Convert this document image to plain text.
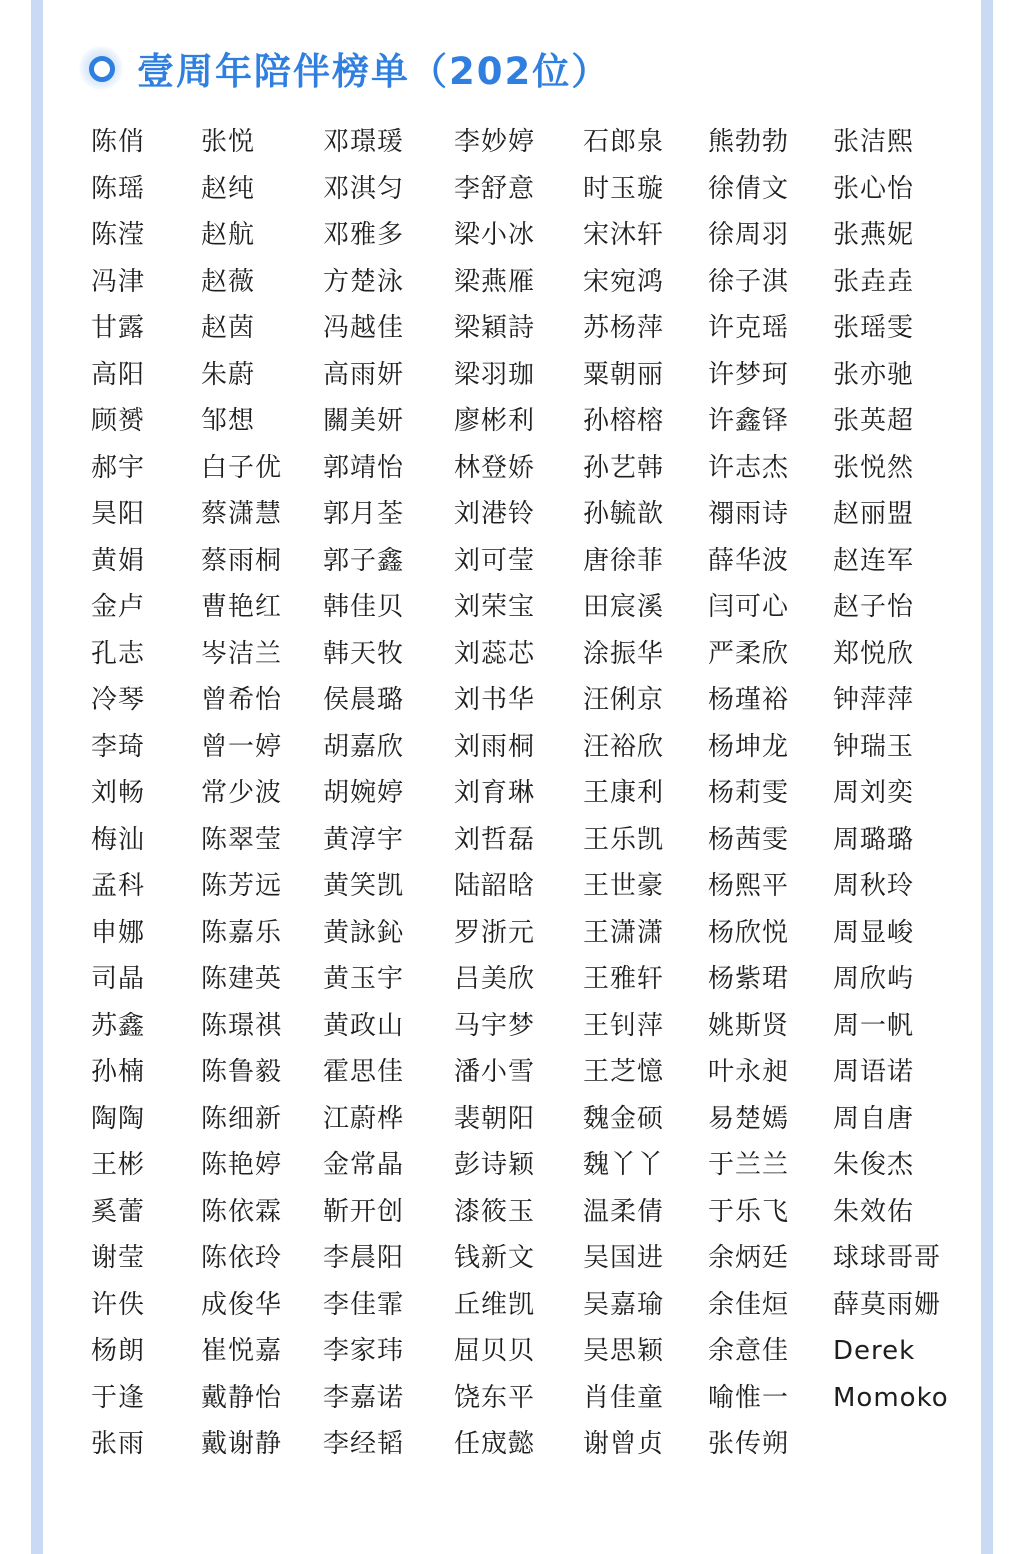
壹周年陪伴榜单（202位）
陈俏 张悦	邓璟瑗 李妙婷 石郎泉 熊勃勃 张洁熙
陈瑶 赵纯	邓淇匀 李舒意 时玉璇 徐倩文 张心怡
陈滢 赵航	邓雅多 梁小冰 宋沐轩 徐周羽 张燕妮
冯津 赵薇	方楚泳 梁燕雁 宋宛鸿 徐子淇 张垚垚
甘露 赵茵	冯越佳 梁穎詩 苏杨萍 许克瑶 张瑶雯
高阳 朱蔚	高雨妍 梁羽珈 粟朝丽 许梦珂 张亦驰
顾赟 邹想	關美妍 廖彬利 孙榕榕 许鑫铎 张英超
郝宇 白子优 郭靖怡 林登娇 孙艺韩 许志杰 张悦然
昊阳 蔡潇慧 郭月荃 刘港铃 孙毓歆 禤雨诗 赵丽盟
黄娟 蔡雨桐 郭子鑫 刘可莹 唐徐菲 薛华波 赵连军
金卢 曹艳红 韩佳贝 刘荣宝 田宸溪 闫可心 赵子怡
孔志 岑洁兰 韩天牧 刘蕊芯 涂振华 严柔欣 郑悦欣
冷琴 曾希怡 侯晨璐 刘书华 汪俐京 杨瑾裕 钟萍萍
李琦 曾一婷 胡嘉欣 刘雨桐 汪裕欣 杨坤龙 钟瑞玉
刘畅 常少波 胡婉婷 刘育琳 王康利 杨莉雯 周刘奕
梅汕 陈翠莹 黄淳宇 刘哲磊 王乐凯 杨茜雯 周璐璐
孟科 陈芳远 黄笑凯 陆韶晗 王世豪 杨熙平 周秋玲
申娜 陈嘉乐 黄詠鈊 罗浙元 王潇潇 杨欣悦 周显峻
司晶 陈建英 黄玉宇 吕美欣 王雅轩 杨紫珺 周欣屿
苏鑫 陈璟祺 黄政山 马宇梦 王钊萍 姚斯贤 周一帆
孙楠 陈鲁毅 霍思佳 潘小雪 王芝憶 叶永昶 周语诺
陶陶 陈细新 江蔚桦 裴朝阳 魏金硕 易楚嫣 周自唐
王彬 陈艳婷 金常晶 彭诗颖 魏丫丫 于兰兰 朱俊杰
奚蕾 陈依霖 靳开创 漆筱玉 温柔倩 于乐飞 朱效佑
谢莹 陈依玲 李晨阳 钱新文 吴国进 余炳廷 球球哥哥
许佚 成俊华 李佳霏 丘维凯 吴嘉瑜 余佳烜 薛莫雨姗
杨朗 崔悦嘉 李家玮 屈贝贝 吴思颖 余意佳 Derek
于逢 戴静怡 李嘉诺 饶东平 肖佳童 喻惟一 Momoko
张雨 戴谢静 李经韬 任宬懿 谢曾贞 张传朔
